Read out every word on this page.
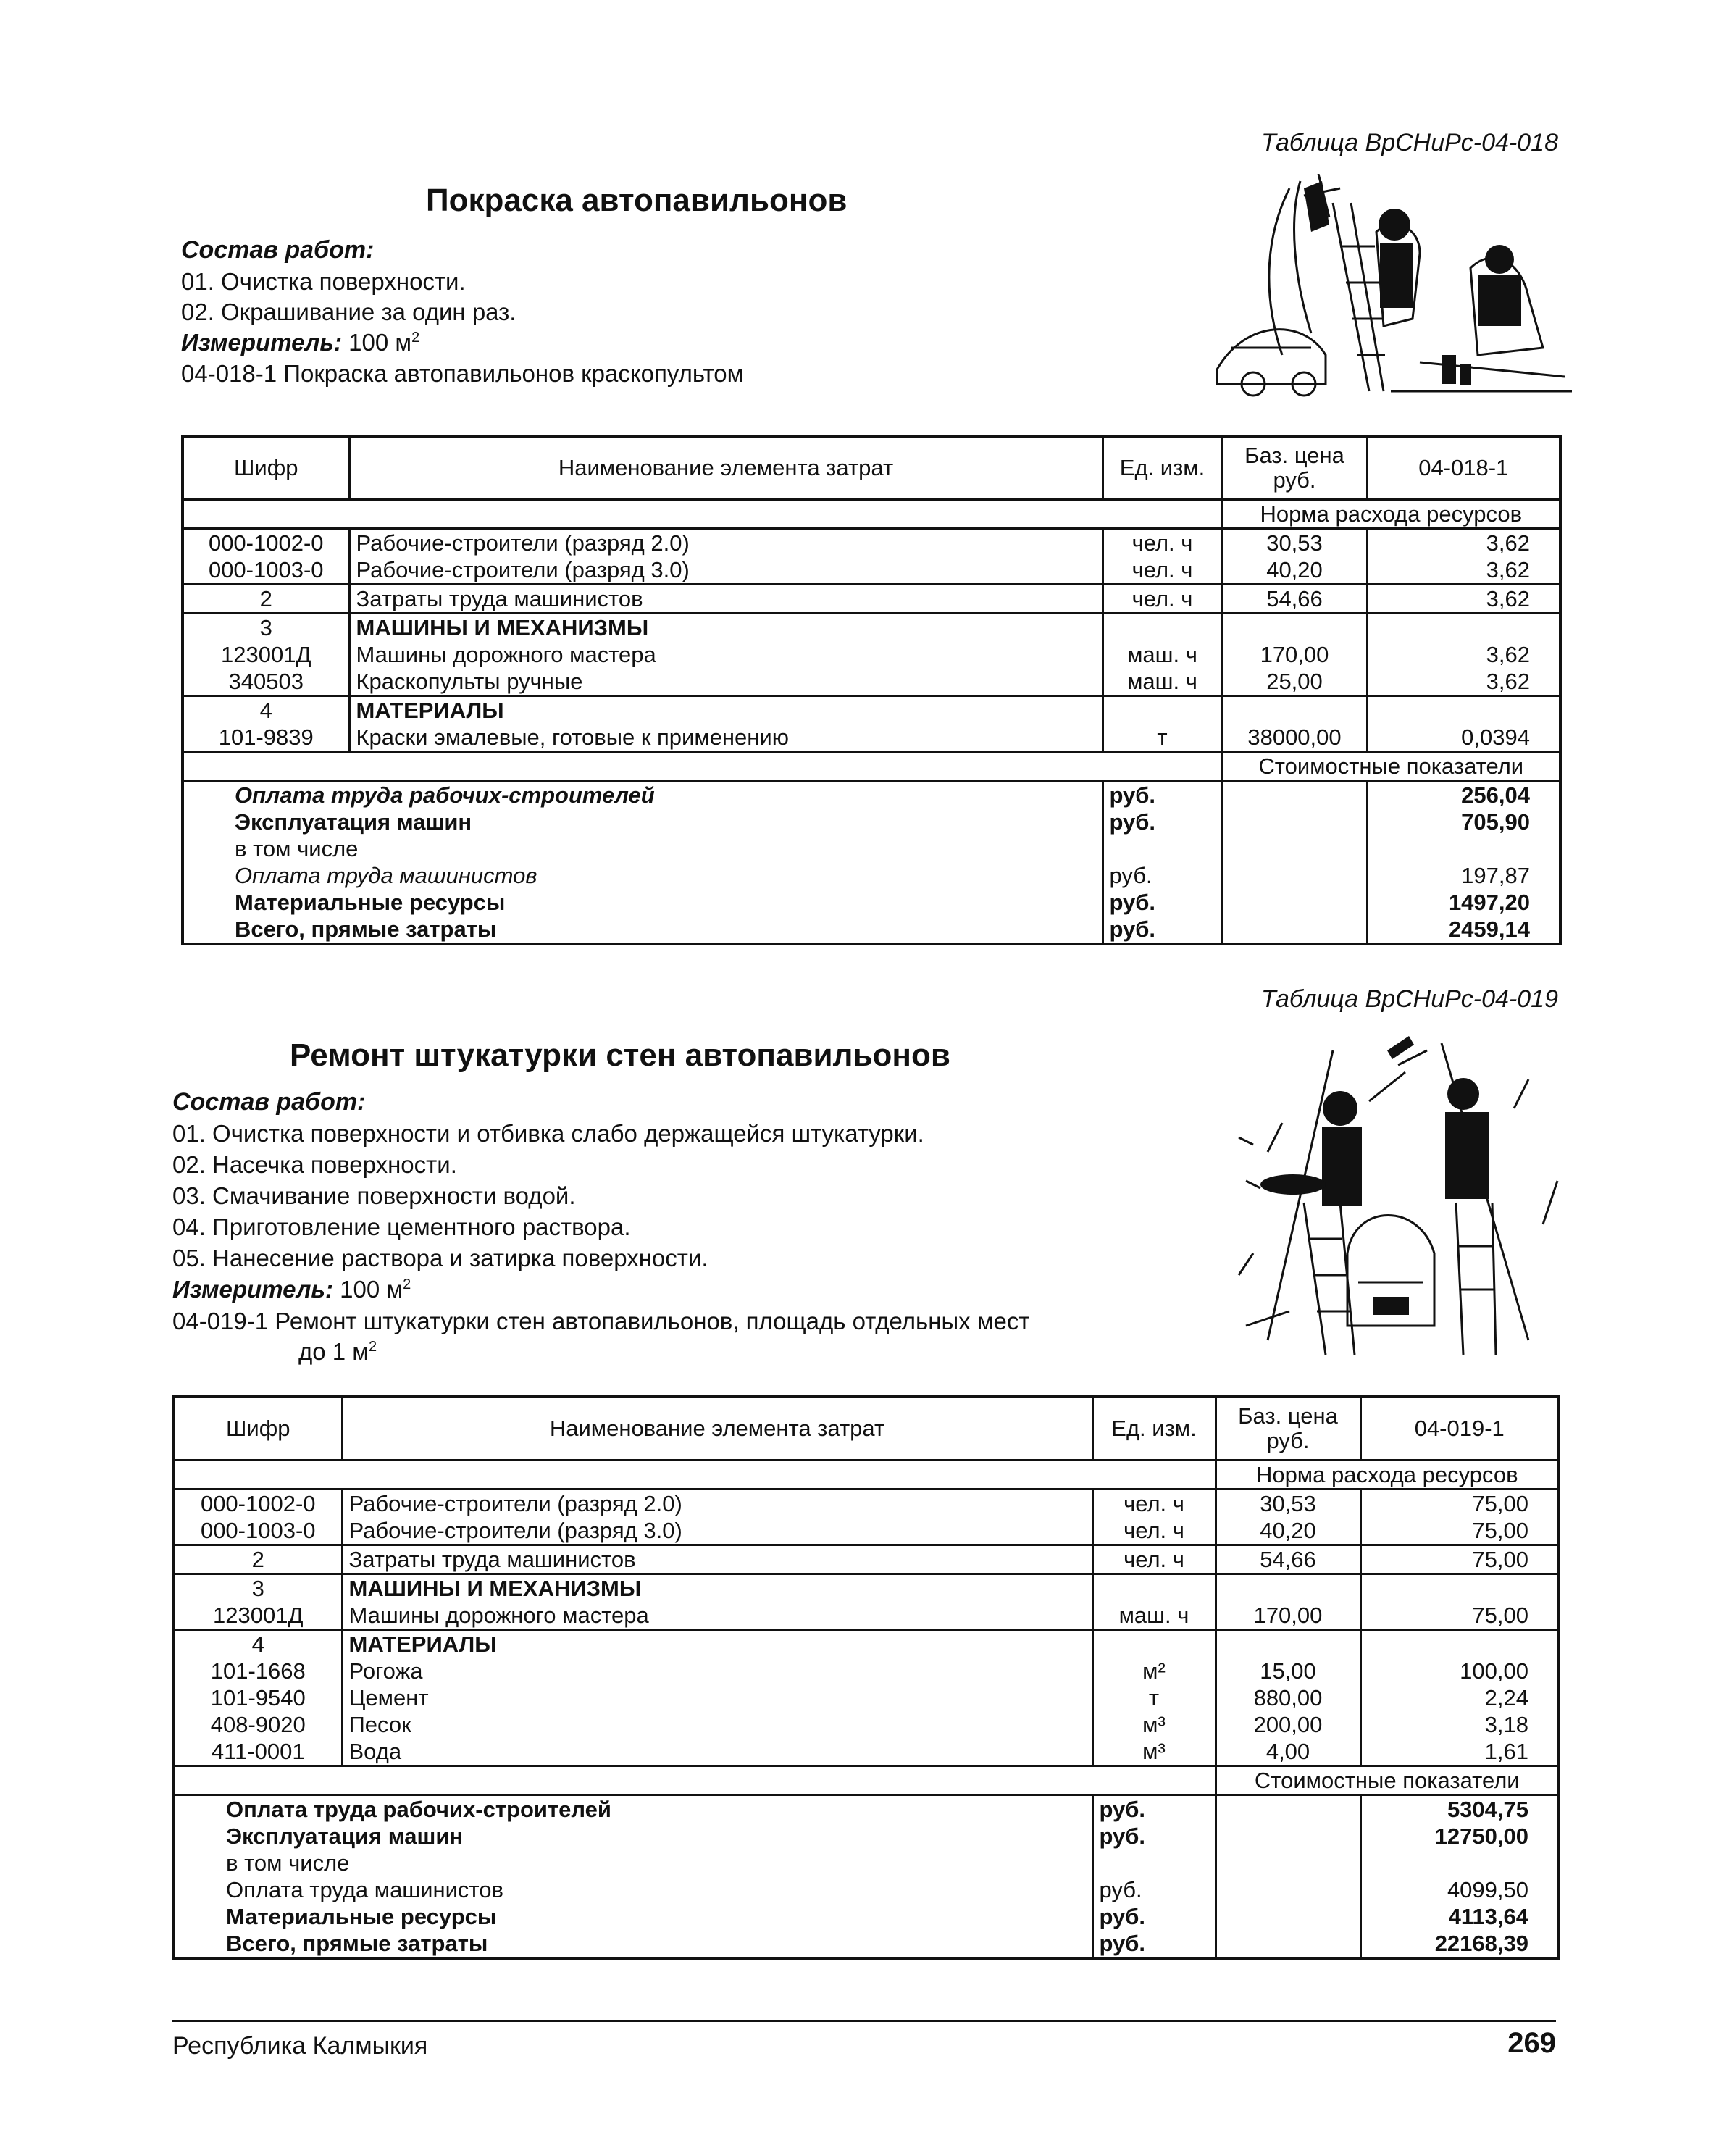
Таблица ВрСНиРс-04-018
Покраска автопавильонов
Состав работ:
01. Очистка поверхности.
02. Окрашивание за один раз.
Измеритель: 100 $м^2$
04-018-1 Покраска автопавильонов краскопультом
Шифр	Наименование элемента затрат	Ед. изм.	Баз. цена руб.	04-018-1
			Норма расхода ресурсов	
000-1002-0	Рабочие-строители (разряд 2.0)	чел. ч	30,53	3,62
000-1003-0	Рабочие-строители (разряд 3.0)	чел. ч	40,20	3,62
2	Затраты труда машинистов	чел. ч	54,66	3,62
3	МАШИНЫ И МЕХАНИЗМЫ			
123001Д	Машины дорожного мастера	маш. ч	170,00	3,62
340503	Краскопульты ручные	маш. ч	25,00	3,62
4	МАТЕРИАЛЫ			
101-9839	Краски эмалевые, готовые к применению	т	38000,00	0,0394
			Стоимостные показатели	
Оплата труда рабочих-строителей		руб.		256,04
Эксплуатация машин		руб.		705,90
в том числе				
Оплата труда машинистов		руб.		197,87
Материальные ресурсы		руб.		1497,20
Всего, прямые затраты		руб.		2459,14
Таблица ВрСНиРс-04-019
Ремонт штукатурки стен автопавильонов
Состав работ:
01. Очистка поверхности и отбивка слабо держащейся штукатурки.
02. Насечка поверхности.
03. Смачивание поверхности водой.
04. Приготовление цементного раствора.
05. Нанесение раствора и затирка поверхности.
Измеритель: 100 $м^2$
04-019-1 Ремонт штукатурки стен автопавильонов, площадь отдельных мест
до 1 $м^2$
Шифр	Наименование элемента затрат	Ед. изм.	Баз. цена руб.	04-019-1
			Норма расхода ресурсов	
000-1002-0	Рабочие-строители (разряд 2.0)	чел. ч	30,53	75,00
000-1003-0	Рабочие-строители (разряд 3.0)	чел. ч	40,20	75,00
2	Затраты труда машинистов	чел. ч	54,66	75,00
3	МАШИНЫ И МЕХАНИЗМЫ			
123001Д	Машины дорожного мастера	маш. ч	170,00	75,00
4	МАТЕРИАЛЫ			
101-1668	Рогожа	м²	15,00	100,00
101-9540	Цемент	т	880,00	2,24
408-9020	Песок	м³	200,00	3,18
411-0001	Вода	м³	4,00	1,61
			Стоимостные показатели	
Оплата труда рабочих-строителей		руб.		5304,75
Эксплуатация машин		руб.		12750,00
в том числе				
Оплата труда машинистов		руб.		4099,50
Материальные ресурсы		руб.		4113,64
Всего, прямые затраты		руб.		22168,39
Республика Калмыкия	269
